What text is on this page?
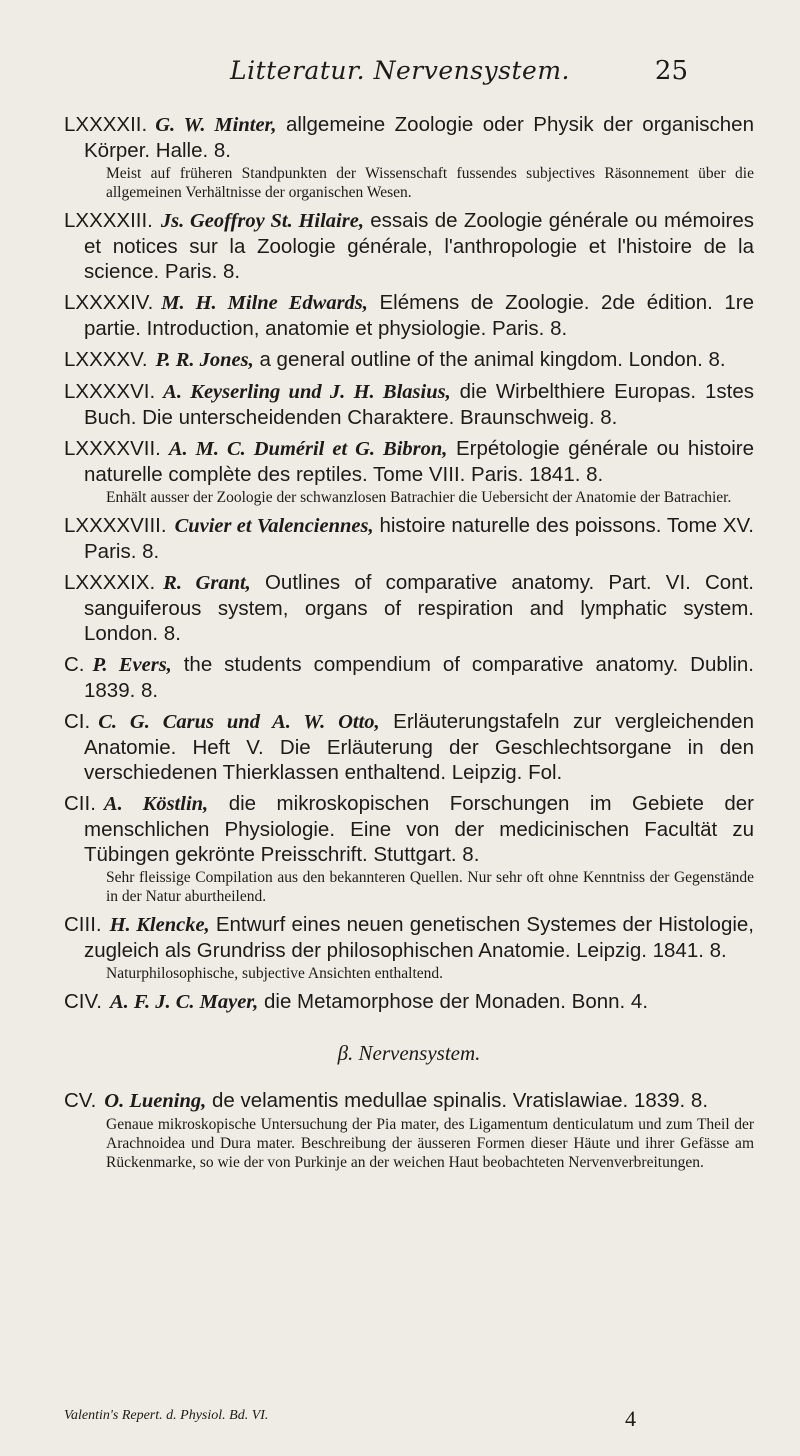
Litteratur. Nervensystem.	25
LXXXXII. G. W. Minter, allgemeine Zoologie oder Physik der organischen Körper. Halle. 8.
Meist auf früheren Standpunkten der Wissenschaft fussendes subjectives Räsonnement über die allgemeinen Verhältnisse der organischen Wesen.
LXXXXIII. Js. Geoffroy St. Hilaire, essais de Zoologie générale ou mémoires et notices sur la Zoologie générale, l'anthropologie et l'histoire de la science. Paris. 8.
LXXXXIV. M. H. Milne Edwards, Elémens de Zoologie. 2de édition. 1re partie. Introduction, anatomie et physiologie. Paris. 8.
LXXXXV. P. R. Jones, a general outline of the animal kingdom. London. 8.
LXXXXVI. A. Keyserling und J. H. Blasius, die Wirbelthiere Europas. 1stes Buch. Die unterscheidenden Charaktere. Braunschweig. 8.
LXXXXVII. A. M. C. Duméril et G. Bibron, Erpétologie générale ou histoire naturelle complète des reptiles. Tome VIII. Paris. 1841. 8.
Enhält ausser der Zoologie der schwanzlosen Batrachier die Uebersicht der Anatomie der Batrachier.
LXXXXVIII. Cuvier et Valenciennes, histoire naturelle des poissons. Tome XV. Paris. 8.
LXXXXIX. R. Grant, Outlines of comparative anatomy. Part. VI. Cont. sanguiferous system, organs of respiration and lymphatic system. London. 8.
C. P. Evers, the students compendium of comparative anatomy. Dublin. 1839. 8.
CI. C. G. Carus und A. W. Otto, Erläuterungstafeln zur vergleichenden Anatomie. Heft V. Die Erläuterung der Geschlechtsorgane in den verschiedenen Thierklassen enthaltend. Leipzig. Fol.
CII. A. Köstlin, die mikroskopischen Forschungen im Gebiete der menschlichen Physiologie. Eine von der medicinischen Facultät zu Tübingen gekrönte Preisschrift. Stuttgart. 8.
Sehr fleissige Compilation aus den bekannteren Quellen. Nur sehr oft ohne Kenntniss der Gegenstände in der Natur aburtheilend.
CIII. H. Klencke, Entwurf eines neuen genetischen Systemes der Histologie, zugleich als Grundriss der philosophischen Anatomie. Leipzig. 1841. 8.
Naturphilosophische, subjective Ansichten enthaltend.
CIV. A. F. J. C. Mayer, die Metamorphose der Monaden. Bonn. 4.
β. Nervensystem.
CV. O. Luening, de velamentis medullae spinalis. Vratislawiae. 1839. 8.
Genaue mikroskopische Untersuchung der Pia mater, des Ligamentum denticulatum und zum Theil der Arachnoidea und Dura mater. Beschreibung der äusseren Formen dieser Häute und ihrer Gefässe am Rückenmarke, so wie der von Purkinje an der weichen Haut beobachteten Nervenverbreitungen.
Valentin's Repert. d. Physiol. Bd. VI.	4
